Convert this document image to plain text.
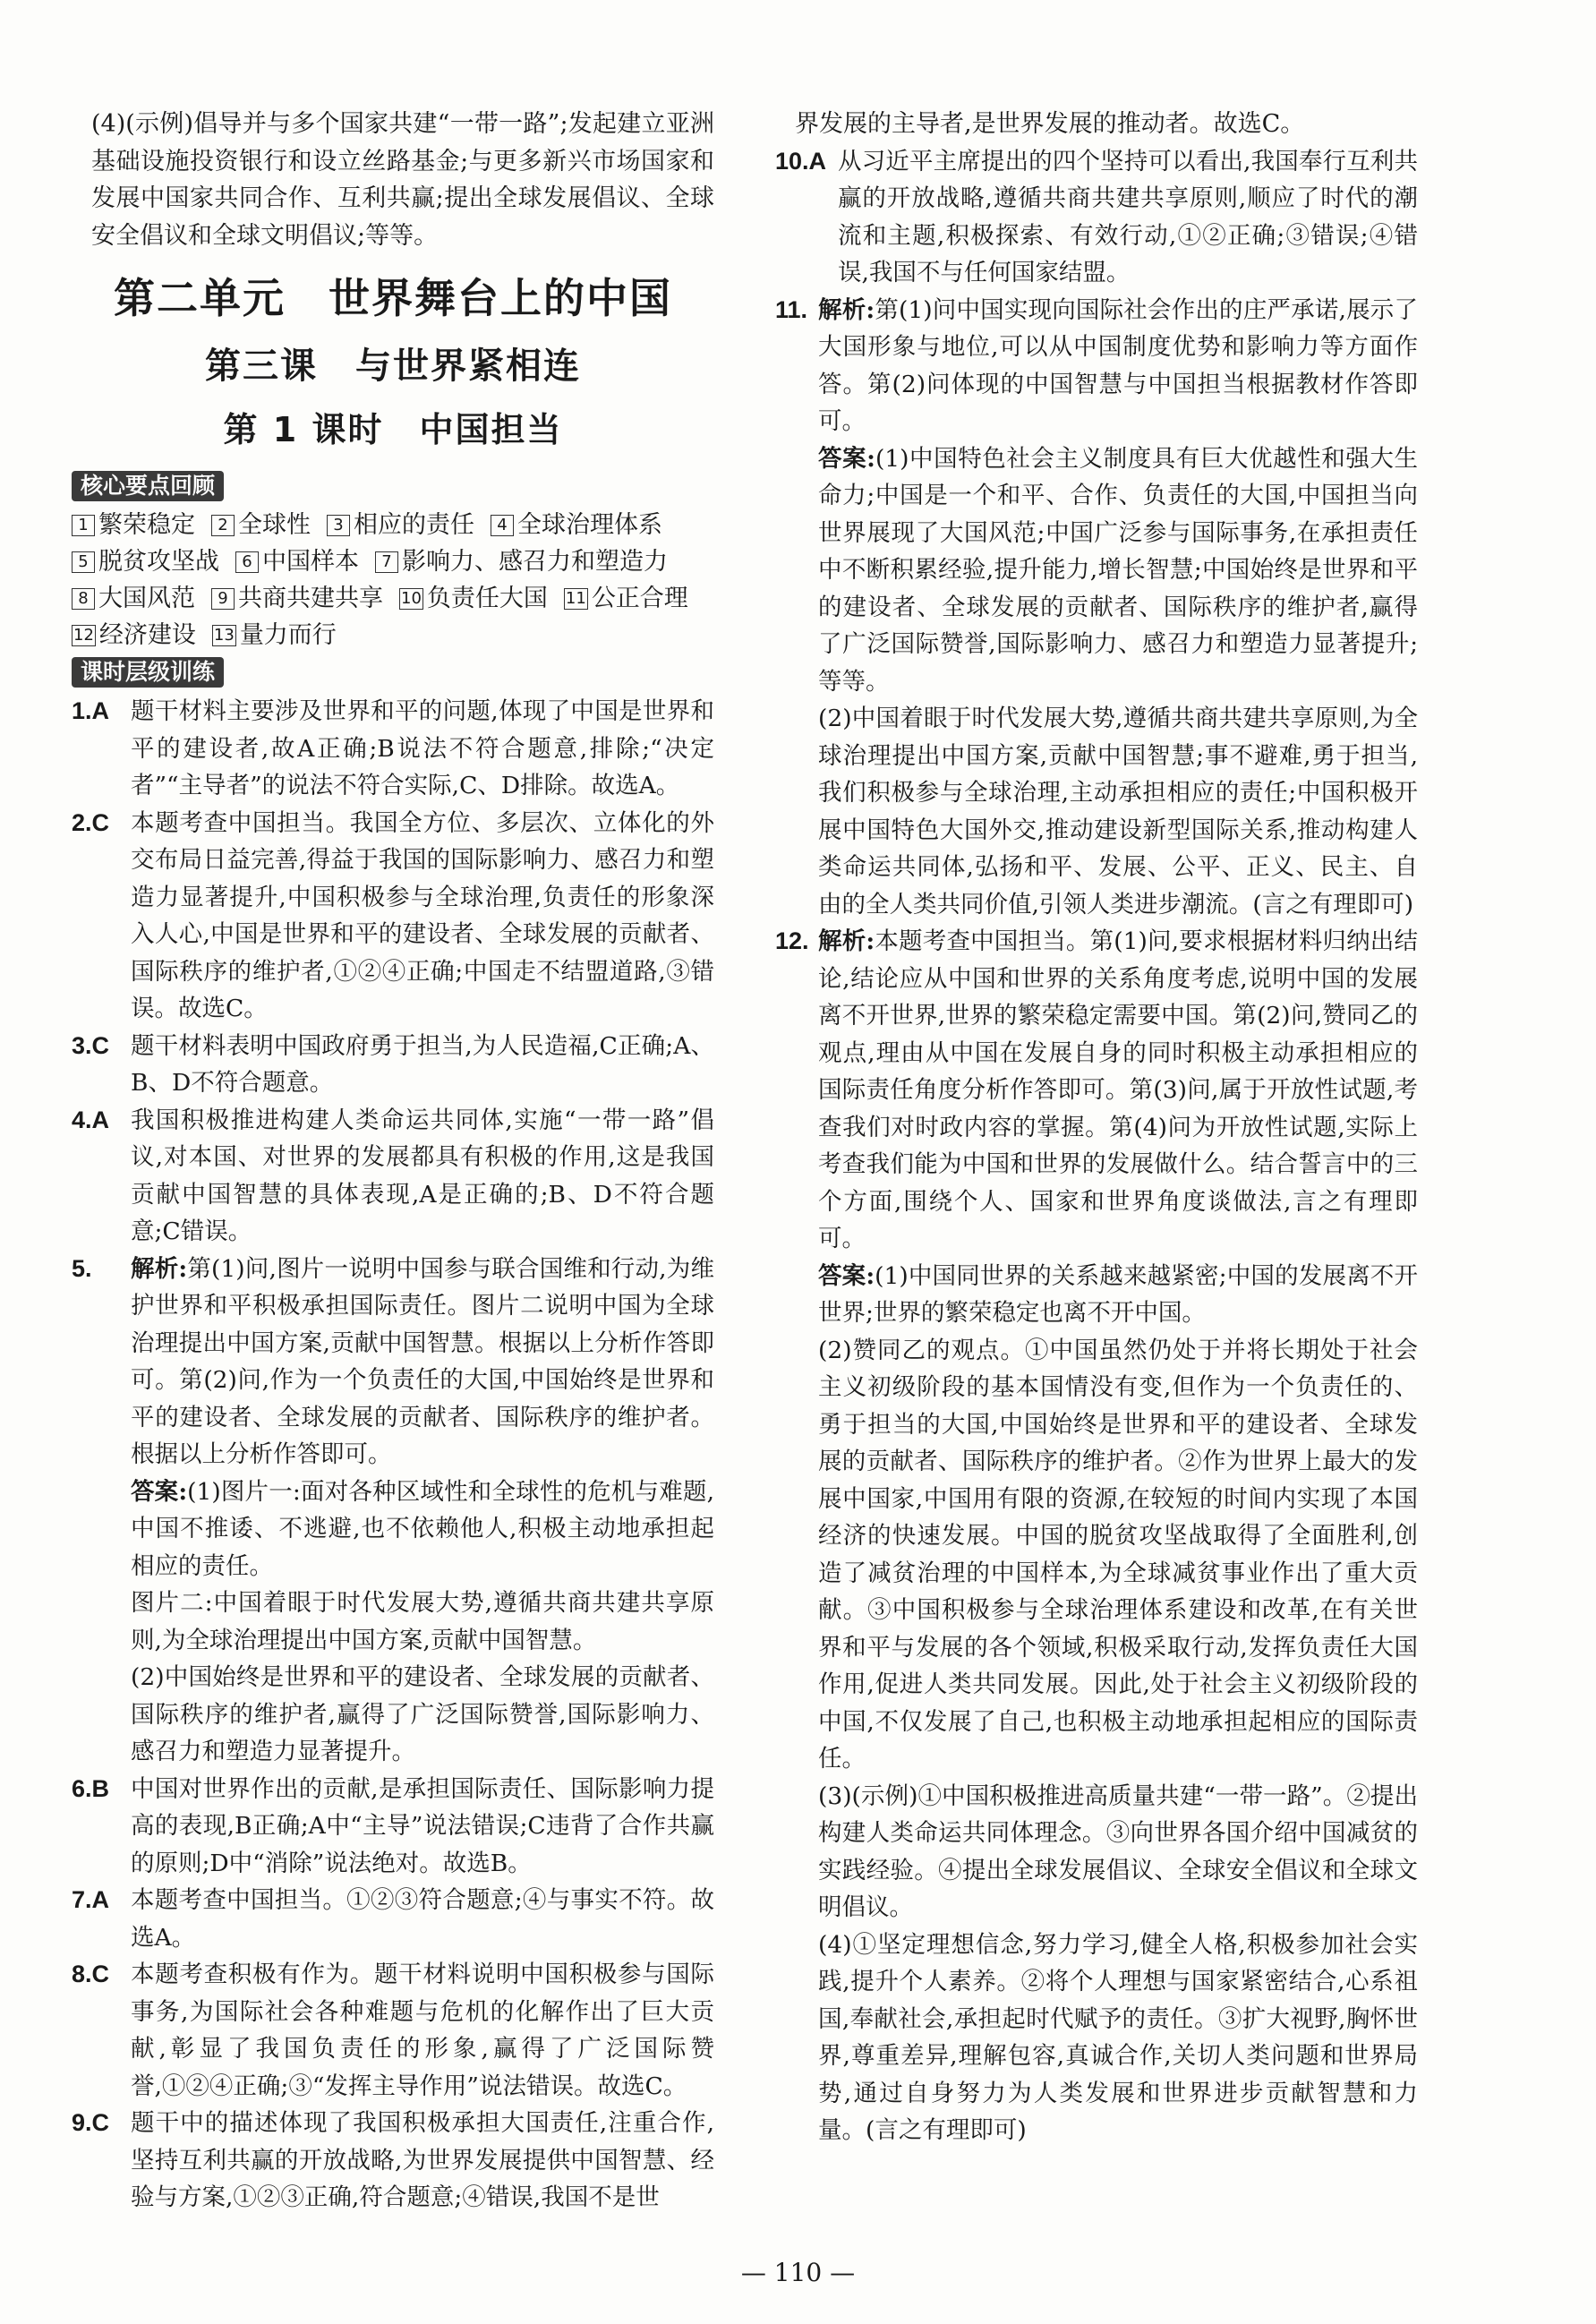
(4)(示例)倡导并与多个国家共建“一带一路”;发起建立亚洲基础设施投资银行和设立丝路基金;与更多新兴市场国家和发展中国家共同合作、互利共赢;提出全球发展倡议、全球安全倡议和全球文明倡议;等等。

第二单元　世界舞台上的中国
第三课　与世界紧相连
第 1 课时　中国担当
核心要点回顾
1 繁荣稳定 2 全球性 3 相应的责任 4 全球治理体系5 脱贫攻坚战 6 中国样本 7 影响力、感召力和塑造力8 大国风范 9 共商共建共享 10 负责任大国 11 公正合理12 经济建设 13 量力而行
课时层级训练
1.A 题干材料主要涉及世界和平的问题,体现了中国是世界和平的建设者,故A正确;B说法不符合题意,排除;“决定者”“主导者”的说法不符合实际,C、D排除。故选A。

2.C 本题考查中国担当。我国全方位、多层次、立体化的外交布局日益完善,得益于我国的国际影响力、感召力和塑造力显著提升,中国积极参与全球治理,负责任的形象深入人心,中国是世界和平的建设者、全球发展的贡献者、国际秩序的维护者,①②④正确;中国走不结盟道路,③错误。故选C。

3.C 题干材料表明中国政府勇于担当,为人民造福,C正确;A、B、D不符合题意。

4.A 我国积极推进构建人类命运共同体,实施“一带一路”倡议,对本国、对世界的发展都具有积极的作用,这是我国贡献中国智慧的具体表现,A是正确的;B、D不符合题意;C错误。

5.	解析:第(1)问,图片一说明中国参与联合国维和行动,为维护世界和平积极承担国际责任。图片二说明中国为全球治理提出中国方案,贡献中国智慧。根据以上分析作答即可。第(2)问,作为一个负责任的大国,中国始终是世界和平的建设者、全球发展的贡献者、国际秩序的维护者。根据以上分析作答即可。

答案:(1)图片一:面对各种区域性和全球性的危机与难题,中国不推诿、不逃避,也不依赖他人,积极主动地承担起相应的责任。

图片二:中国着眼于时代发展大势,遵循共商共建共享原则,为全球治理提出中国方案,贡献中国智慧。

(2)中国始终是世界和平的建设者、全球发展的贡献者、国际秩序的维护者,赢得了广泛国际赞誉,国际影响力、感召力和塑造力显著提升。

6.B 中国对世界作出的贡献,是承担国际责任、国际影响力提高的表现,B正确;A中“主导”说法错误;C违背了合作共赢的原则;D中“消除”说法绝对。故选B。

7.A 本题考查中国担当。①②③符合题意;④与事实不符。故选A。

8.C 本题考查积极有作为。题干材料说明中国积极参与国际事务,为国际社会各种难题与危机的化解作出了巨大贡献,彰显了我国负责任的形象,赢得了广泛国际赞誉,①②④正确;③“发挥主导作用”说法错误。故选C。

9.C 题干中的描述体现了我国积极承担大国责任,注重合作,坚持互利共赢的开放战略,为世界发展提供中国智慧、经验与方案,①②③正确,符合题意;④错误,我国不是世

界发展的主导者,是世界发展的推动者。故选C。

10.A 从习近平主席提出的四个坚持可以看出,我国奉行互利共赢的开放战略,遵循共商共建共享原则,顺应了时代的潮流和主题,积极探索、有效行动,①②正确;③错误;④错误,我国不与任何国家结盟。

11. 解析:第(1)问中国实现向国际社会作出的庄严承诺,展示了大国形象与地位,可以从中国制度优势和影响力等方面作答。第(2)问体现的中国智慧与中国担当根据教材作答即可。

答案:(1)中国特色社会主义制度具有巨大优越性和强大生命力;中国是一个和平、合作、负责任的大国,中国担当向世界展现了大国风范;中国广泛参与国际事务,在承担责任中不断积累经验,提升能力,增长智慧;中国始终是世界和平的建设者、全球发展的贡献者、国际秩序的维护者,赢得了广泛国际赞誉,国际影响力、感召力和塑造力显著提升;等等。

(2)中国着眼于时代发展大势,遵循共商共建共享原则,为全球治理提出中国方案,贡献中国智慧;事不避难,勇于担当,我们积极参与全球治理,主动承担相应的责任;中国积极开展中国特色大国外交,推动建设新型国际关系,推动构建人类命运共同体,弘扬和平、发展、公平、正义、民主、自由的全人类共同价值,引领人类进步潮流。(言之有理即可)

12. 解析:本题考查中国担当。第(1)问,要求根据材料归纳出结论,结论应从中国和世界的关系角度考虑,说明中国的发展离不开世界,世界的繁荣稳定需要中国。第(2)问,赞同乙的观点,理由从中国在发展自身的同时积极主动承担相应的国际责任角度分析作答即可。第(3)问,属于开放性试题,考查我们对时政内容的掌握。第(4)问为开放性试题,实际上考查我们能为中国和世界的发展做什么。结合誓言中的三个方面,围绕个人、国家和世界角度谈做法,言之有理即可。

答案:(1)中国同世界的关系越来越紧密;中国的发展离不开世界;世界的繁荣稳定也离不开中国。

(2)赞同乙的观点。①中国虽然仍处于并将长期处于社会主义初级阶段的基本国情没有变,但作为一个负责任的、勇于担当的大国,中国始终是世界和平的建设者、全球发展的贡献者、国际秩序的维护者。②作为世界上最大的发展中国家,中国用有限的资源,在较短的时间内实现了本国经济的快速发展。中国的脱贫攻坚战取得了全面胜利,创造了减贫治理的中国样本,为全球减贫事业作出了重大贡献。③中国积极参与全球治理体系建设和改革,在有关世界和平与发展的各个领域,积极采取行动,发挥负责任大国作用,促进人类共同发展。因此,处于社会主义初级阶段的中国,不仅发展了自己,也积极主动地承担起相应的国际责任。

(3)(示例)①中国积极推进高质量共建“一带一路”。②提出构建人类命运共同体理念。③向世界各国介绍中国减贫的实践经验。④提出全球发展倡议、全球安全倡议和全球文明倡议。

(4)①坚定理想信念,努力学习,健全人格,积极参加社会实践,提升个人素养。②将个人理想与国家紧密结合,心系祖国,奉献社会,承担起时代赋予的责任。③扩大视野,胸怀世界,尊重差异,理解包容,真诚合作,关切人类问题和世界局势,通过自身努力为人类发展和世界进步贡献智慧和力量。(言之有理即可)

— 110 —
